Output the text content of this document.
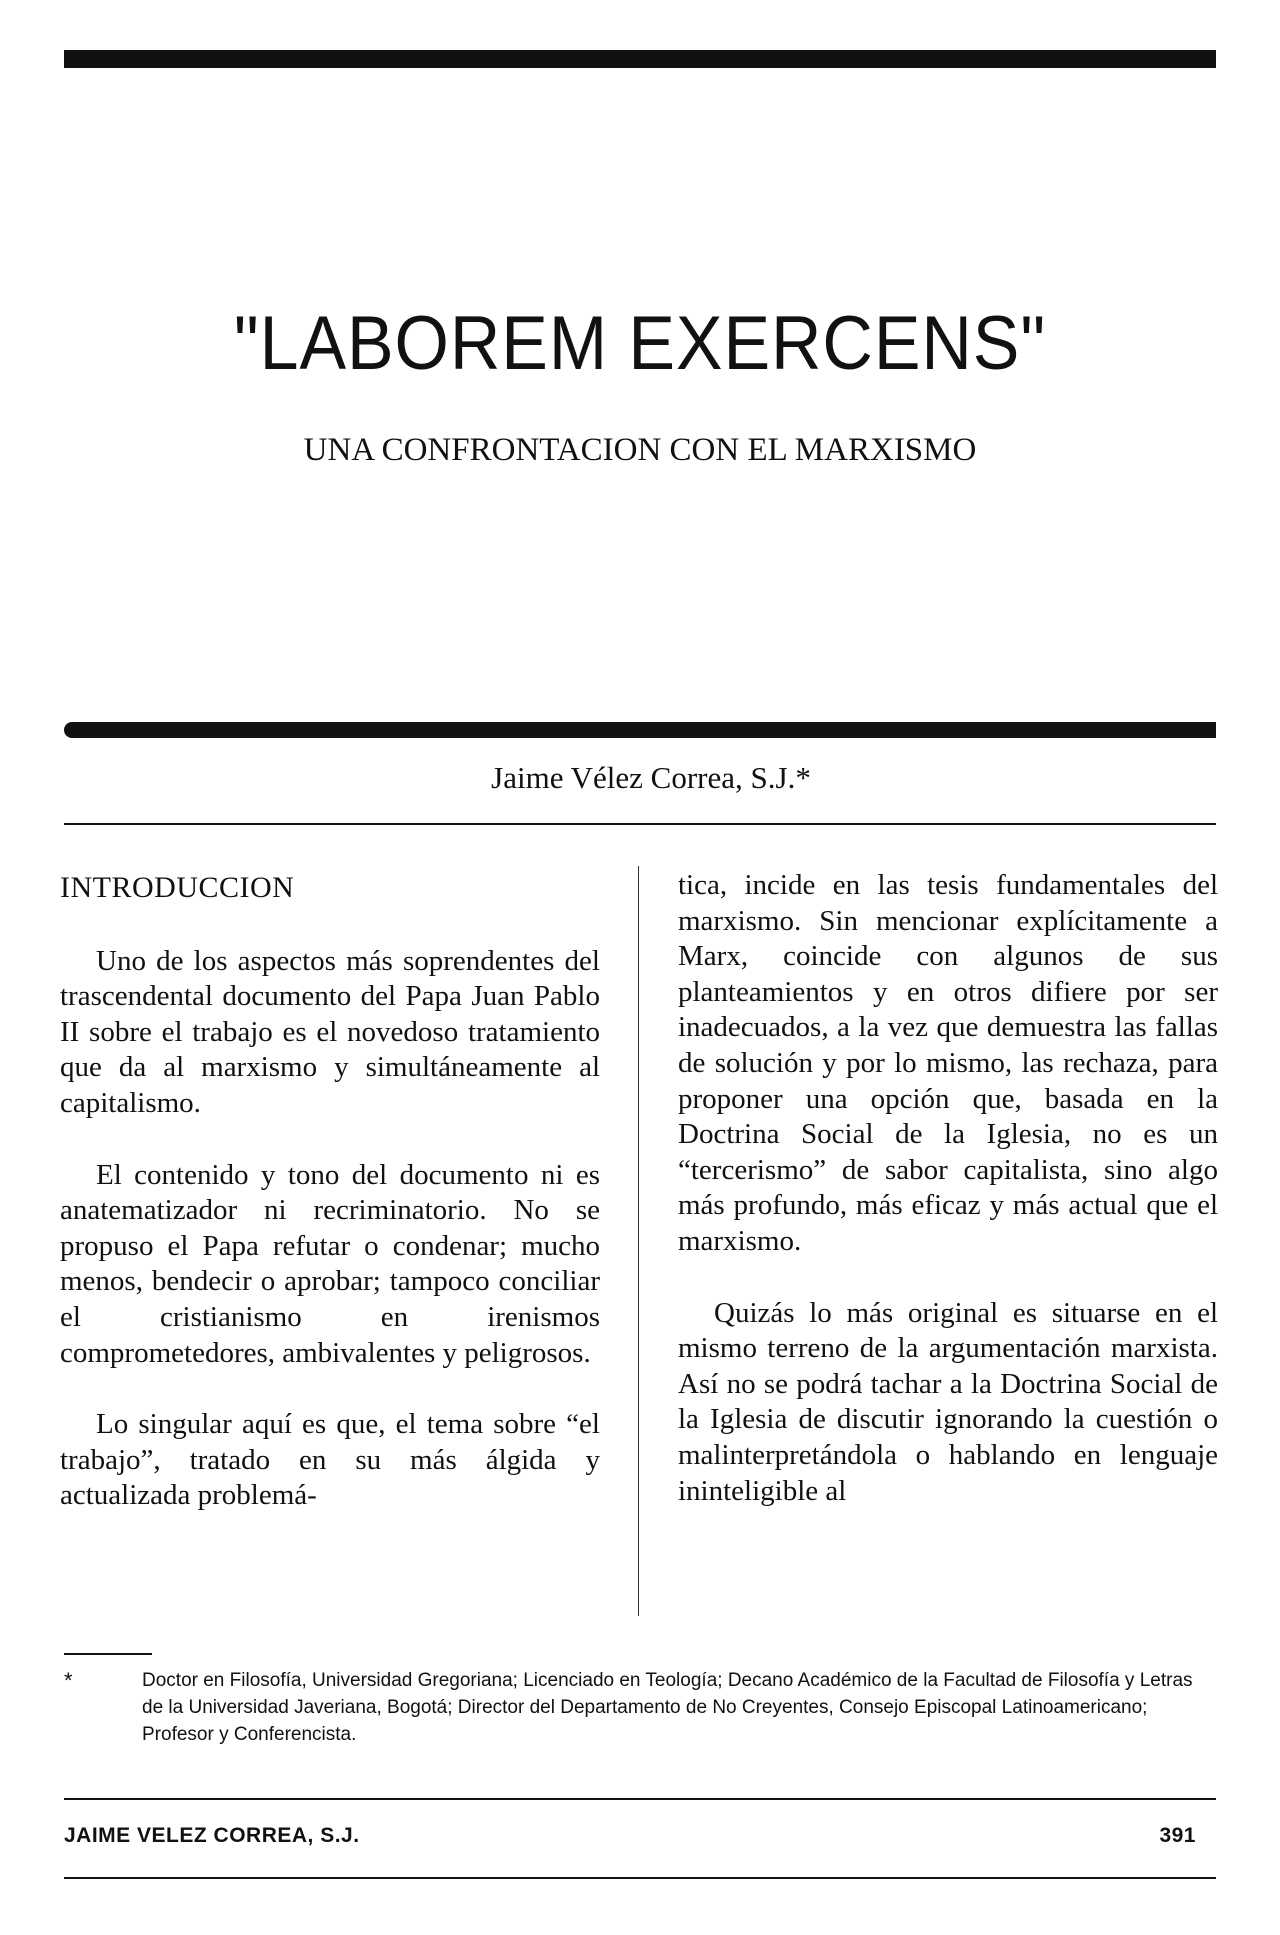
"LABOREM EXERCENS"
UNA CONFRONTACION CON EL MARXISMO
Jaime Vélez Correa, S.J.*
INTRODUCCION

Uno de los aspectos más soprendentes del trascendental documento del Papa Juan Pablo II sobre el trabajo es el novedoso tratamiento que da al marxismo y simultáneamente al capitalismo.

El contenido y tono del documento ni es anatematizador ni recriminatorio. No se propuso el Papa refutar o condenar; mucho menos, bendecir o aprobar; tampoco conciliar el cristianismo en irenismos comprometedores, ambivalentes y peligrosos.

Lo singular aquí es que, el tema sobre “el trabajo”, tratado en su más álgida y actualizada problemá-

tica, incide en las tesis fundamentales del marxismo. Sin mencionar explícitamente a Marx, coincide con algunos de sus planteamientos y en otros difiere por ser inadecuados, a la vez que demuestra las fallas de solución y por lo mismo, las rechaza, para proponer una opción que, basada en la Doctrina Social de la Iglesia, no es un “tercerismo” de sabor capitalista, sino algo más profundo, más eficaz y más actual que el marxismo.

Quizás lo más original es situarse en el mismo terreno de la argumentación marxista. Así no se podrá tachar a la Doctrina Social de la Iglesia de discutir ignorando la cuestión o malinterpretándola o hablando en lenguaje ininteligible al

*	Doctor en Filosofía, Universidad Gregoriana; Licenciado en Teología; Decano Académico de la Facultad de Filosofía y Letras de la Universidad Javeriana, Bogotá; Director del Departamento de No Creyentes, Consejo Episcopal Latinoamericano; Profesor y Conferencista.
JAIME VELEZ CORREA, S.J.	391
